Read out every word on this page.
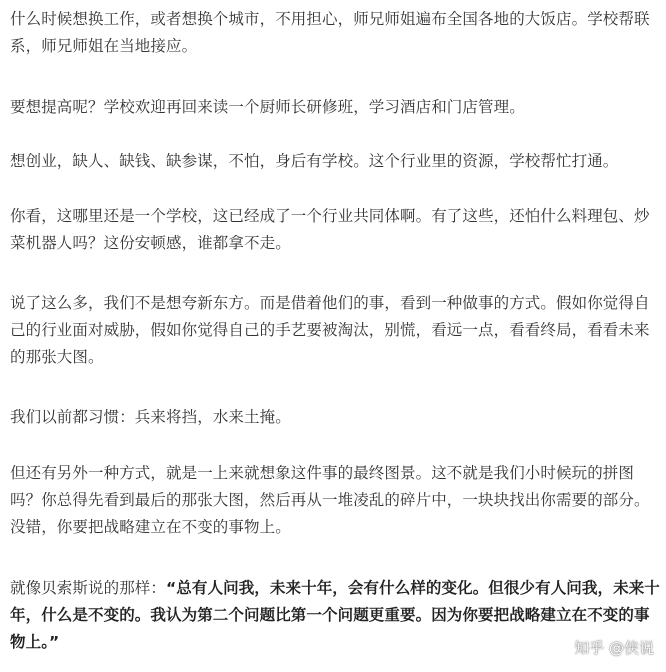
什么时候想换工作，或者想换个城市，不用担心，师兄师姐遍布全国各地的大饭店。学校帮联
系，师兄师姐在当地接应。

要想提高呢？学校欢迎再回来读一个厨师长研修班，学习酒店和门店管理。

想创业，缺人、缺钱、缺参谋，不怕，身后有学校。这个行业里的资源，学校帮忙打通。

你看，这哪里还是一个学校，这已经成了一个行业共同体啊。有了这些，还怕什么料理包、炒
菜机器人吗？这份安顿感，谁都拿不走。

说了这么多，我们不是想夸新东方。而是借着他们的事，看到一种做事的方式。假如你觉得自
己的行业面对威胁，假如你觉得自己的手艺要被淘汰，别慌，看远一点，看看终局，看看未来
的那张大图。

我们以前都习惯：兵来将挡，水来土掩。

但还有另外一种方式，就是一上来就想象这件事的最终图景。这不就是我们小时候玩的拼图
吗？你总得先看到最后的那张大图，然后再从一堆凌乱的碎片中，一块块找出你需要的部分。
没错，你要把战略建立在不变的事物上。

就像贝索斯说的那样：“总有人问我，未来十年，会有什么样的变化。但很少有人问我，未来十
年，什么是不变的。我认为第二个问题比第一个问题更重要。因为你要把战略建立在不变的事
物上。”	知乎 @侠说
